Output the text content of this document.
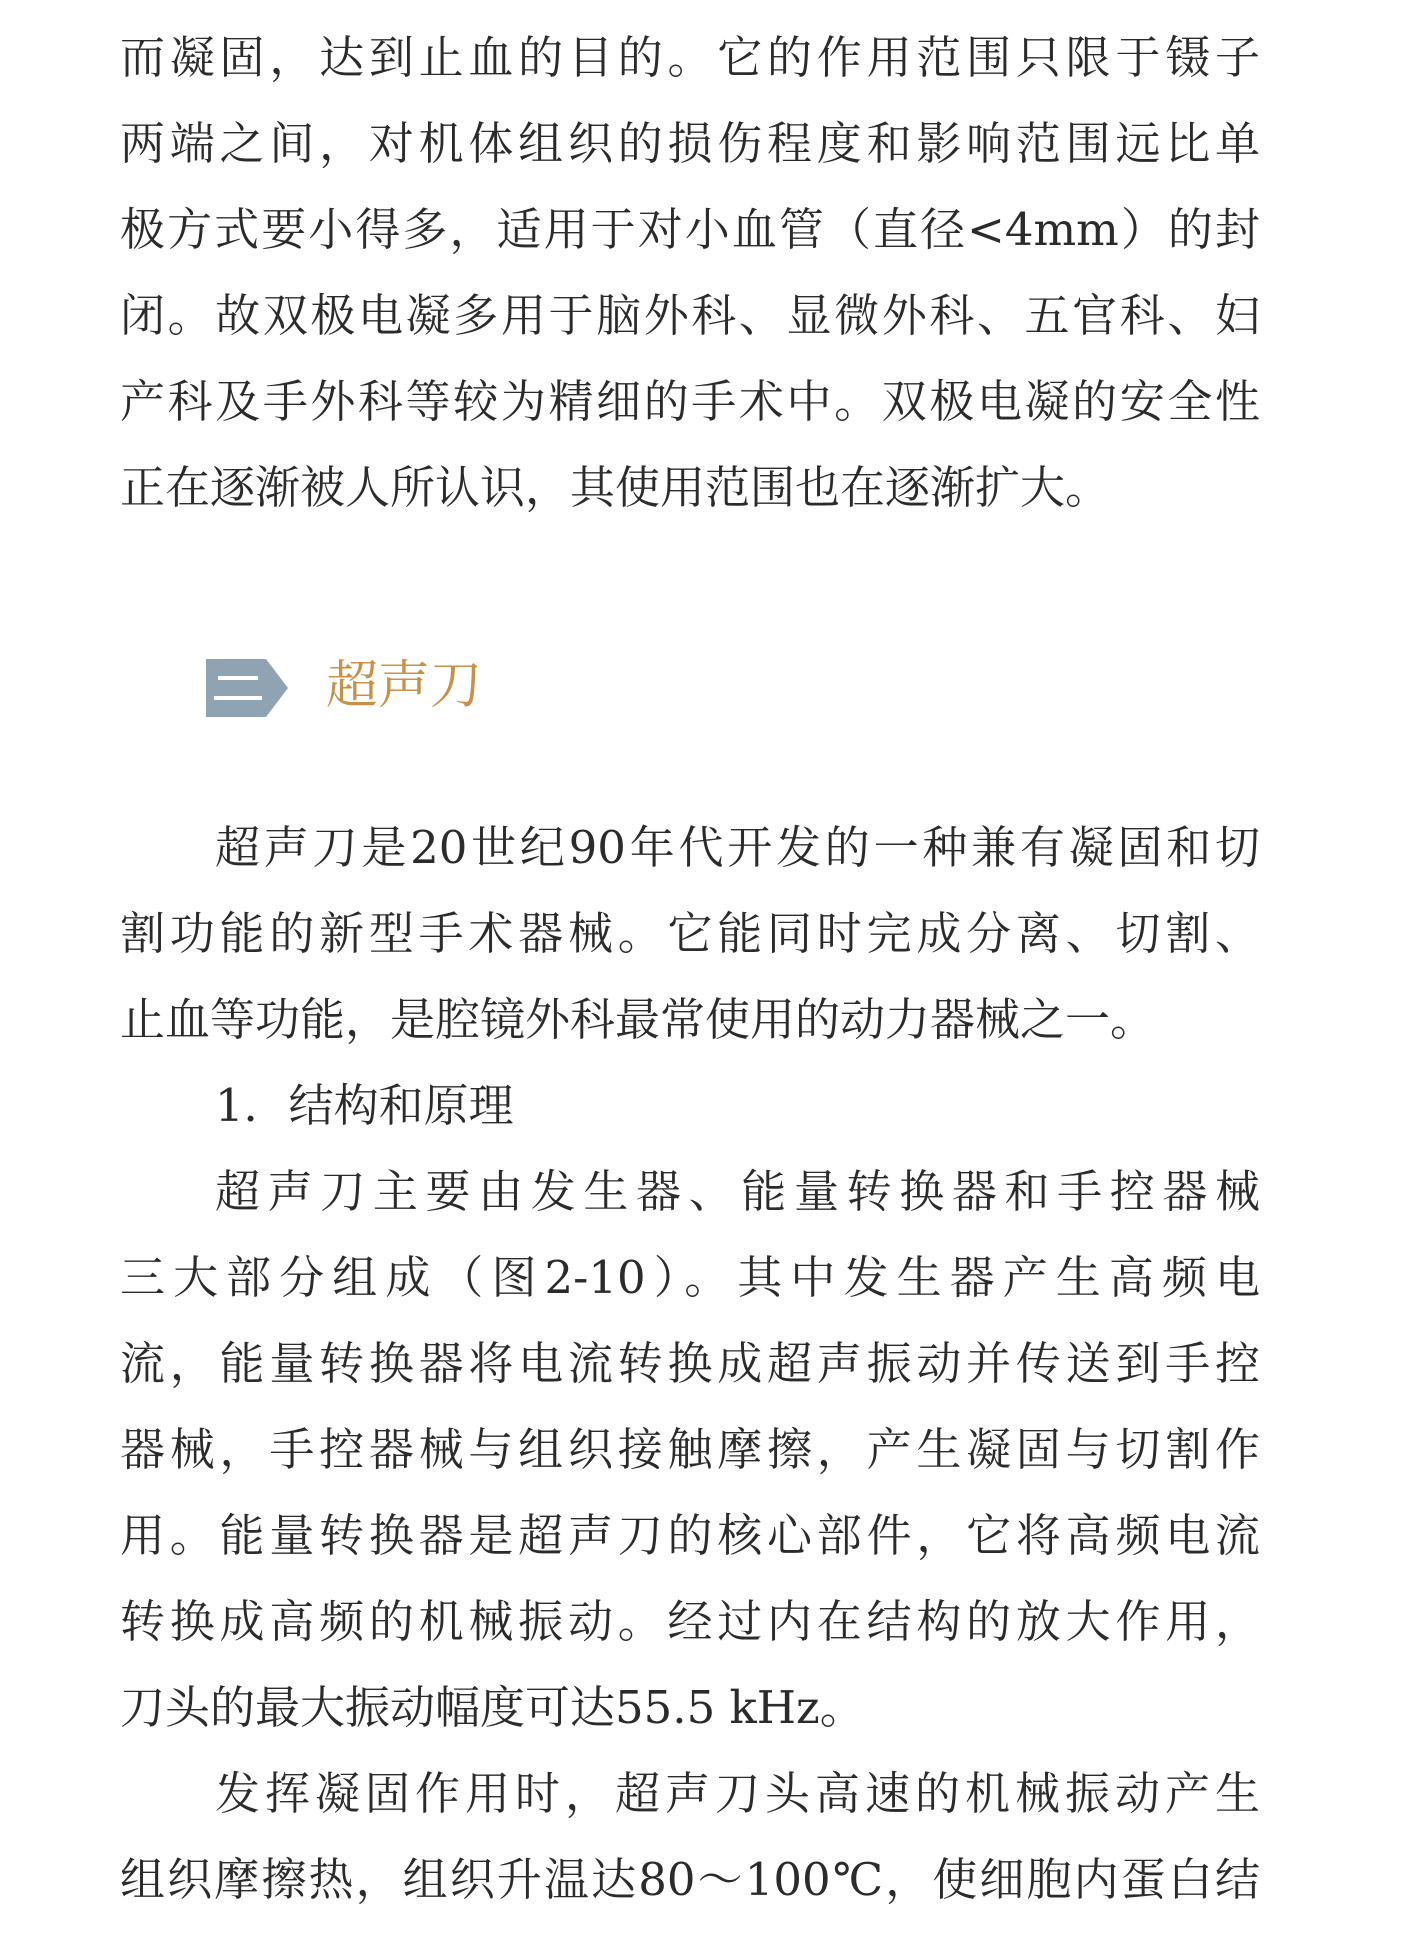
而凝固，达到止血的目的。它的作用范围只限于镊子
两端之间，对机体组织的损伤程度和影响范围远比单
极方式要小得多，适用于对小血管（直径<4mm）的封
闭。故双极电凝多用于脑外科、显微外科、五官科、妇
产科及手外科等较为精细的手术中。双极电凝的安全性
正在逐渐被人所认识，其使用范围也在逐渐扩大。
超声刀
超声刀是20世纪90年代开发的一种兼有凝固和切
割功能的新型手术器械。它能同时完成分离、切割、
止血等功能，是腔镜外科最常使用的动力器械之一。
1．结构和原理
超声刀主要由发生器、能量转换器和手控器械
三大部分组成（图2-10）。其中发生器产生高频电
流，能量转换器将电流转换成超声振动并传送到手控
器械，手控器械与组织接触摩擦，产生凝固与切割作
用。能量转换器是超声刀的核心部件，它将高频电流
转换成高频的机械振动。经过内在结构的放大作用，
刀头的最大振动幅度可达55.5 kHz。
发挥凝固作用时，超声刀头高速的机械振动产生
组织摩擦热，组织升温达80～100℃，使细胞内蛋白结
